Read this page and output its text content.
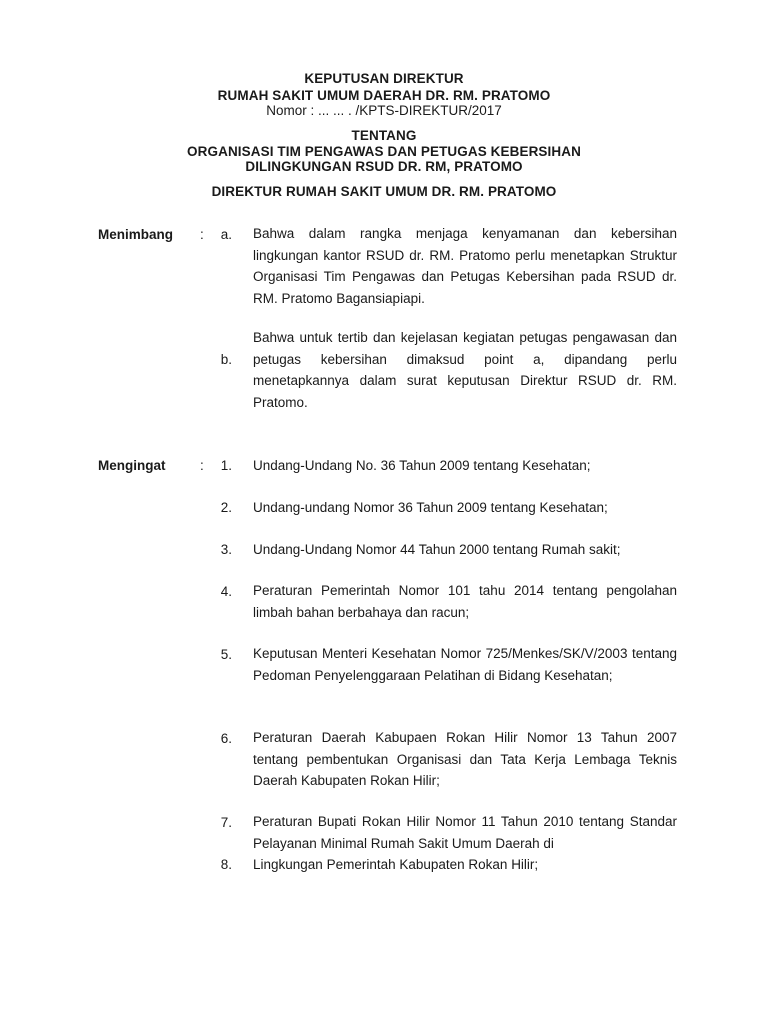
KEPUTUSAN DIREKTUR
RUMAH SAKIT UMUM DAERAH DR. RM. PRATOMO
Nomor : ... ... . /KPTS-DIREKTUR/2017
TENTANG
ORGANISASI TIM PENGAWAS DAN PETUGAS KEBERSIHAN
DILINGKUNGAN RSUD DR. RM, PRATOMO
DIREKTUR RUMAH SAKIT UMUM DR. RM. PRATOMO
Menimbang :	a. Bahwa dalam rangka menjaga kenyamanan dan kebersihan lingkungan kantor RSUD dr. RM. Pratomo perlu menetapkan Struktur Organisasi Tim Pengawas dan Petugas Kebersihan pada RSUD dr. RM. Pratomo Bagansiapiapi.
b.
Bahwa untuk tertib dan kejelasan kegiatan petugas pengawasan dan petugas kebersihan dimaksud point a, dipandang perlu menetapkannya dalam surat keputusan Direktur RSUD dr. RM. Pratomo.
Mengingat	:	1. Undang-Undang No. 36 Tahun 2009 tentang Kesehatan;
2. Undang-undang Nomor 36 Tahun 2009 tentang Kesehatan;
3. Undang-Undang Nomor 44 Tahun 2000 tentang Rumah sakit;
4. Peraturan Pemerintah Nomor 101 tahu 2014 tentang pengolahan limbah bahan berbahaya dan racun;
5. Keputusan Menteri Kesehatan Nomor 725/Menkes/SK/V/2003 tentang Pedoman Penyelenggaraan Pelatihan di Bidang Kesehatan;
6. Peraturan Daerah Kabupaen Rokan Hilir Nomor 13 Tahun 2007 tentang pembentukan Organisasi dan Tata Kerja Lembaga Teknis Daerah Kabupaten Rokan Hilir;
7. Peraturan Bupati Rokan Hilir Nomor 11 Tahun 2010 tentang Standar Pelayanan Minimal Rumah Sakit Umum Daerah di
8. Lingkungan Pemerintah Kabupaten Rokan Hilir;
